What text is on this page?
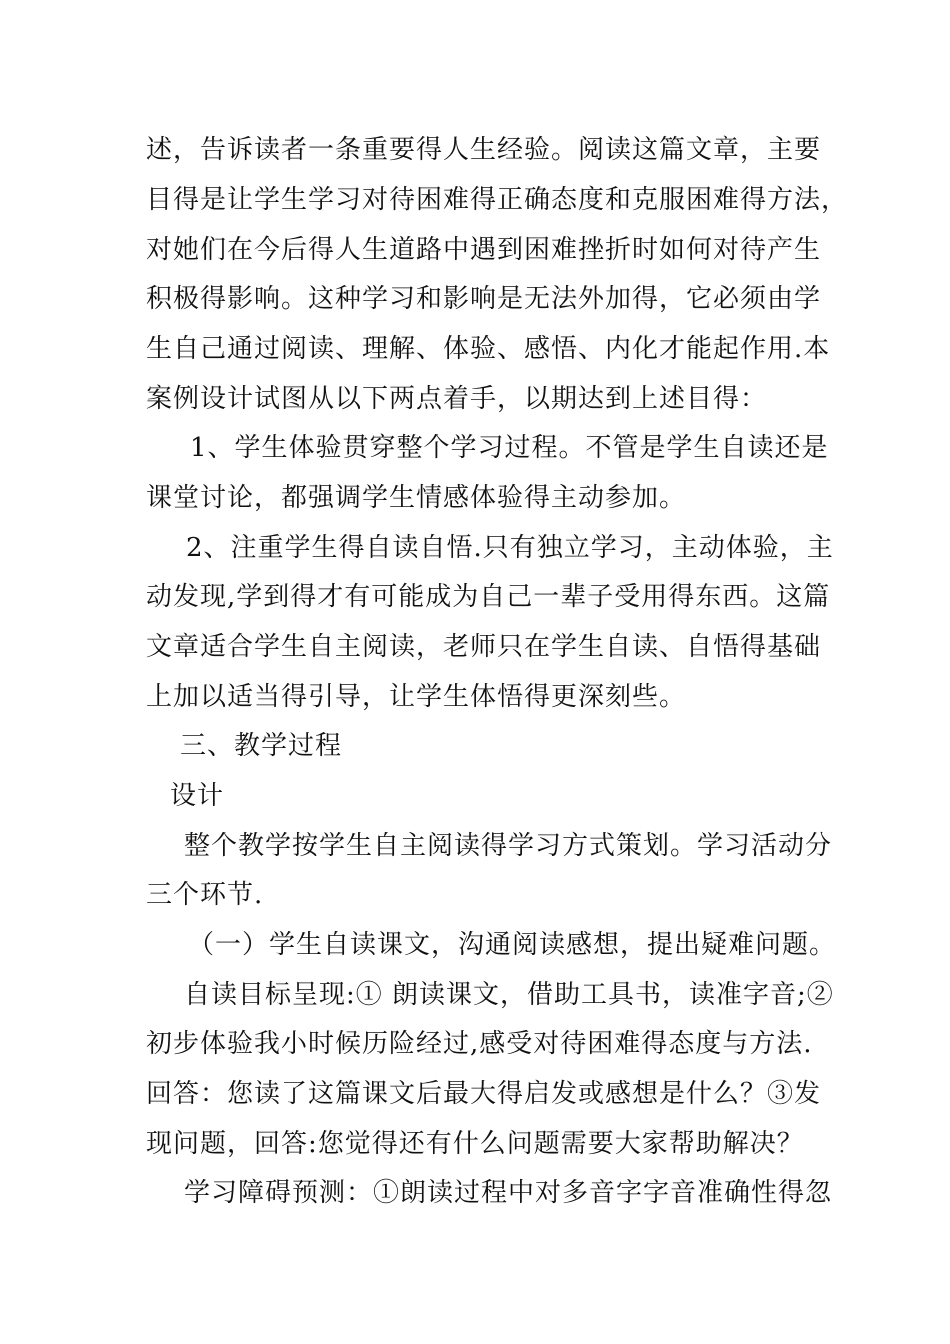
述，告诉读者一条重要得人生经验。阅读这篇文章，主要
目得是让学生学习对待困难得正确态度和克服困难得方法，
对她们在今后得人生道路中遇到困难挫折时如何对待产生
积极得影响。这种学习和影响是无法外加得，它必须由学
生自己通过阅读、理解、体验、感悟、内化才能起作用.本
案例设计试图从以下两点着手，以期达到上述目得：
1、学生体验贯穿整个学习过程。不管是学生自读还是
课堂讨论，都强调学生情感体验得主动参加。
2、注重学生得自读自悟.只有独立学习，主动体验，主
动发现,学到得才有可能成为自己一辈子受用得东西。这篇
文章适合学生自主阅读，老师只在学生自读、自悟得基础
上加以适当得引导，让学生体悟得更深刻些。
三、教学过程
设计
整个教学按学生自主阅读得学习方式策划。学习活动分
三个环节.
（一）学生自读课文，沟通阅读感想，提出疑难问题。
自读目标呈现:① 朗读课文，借助工具书，读准字音;②
初步体验我小时候历险经过,感受对待困难得态度与方法.
回答：您读了这篇课文后最大得启发或感想是什么？③发
现问题，回答:您觉得还有什么问题需要大家帮助解决？
学习障碍预测：①朗读过程中对多音字字音准确性得忽
